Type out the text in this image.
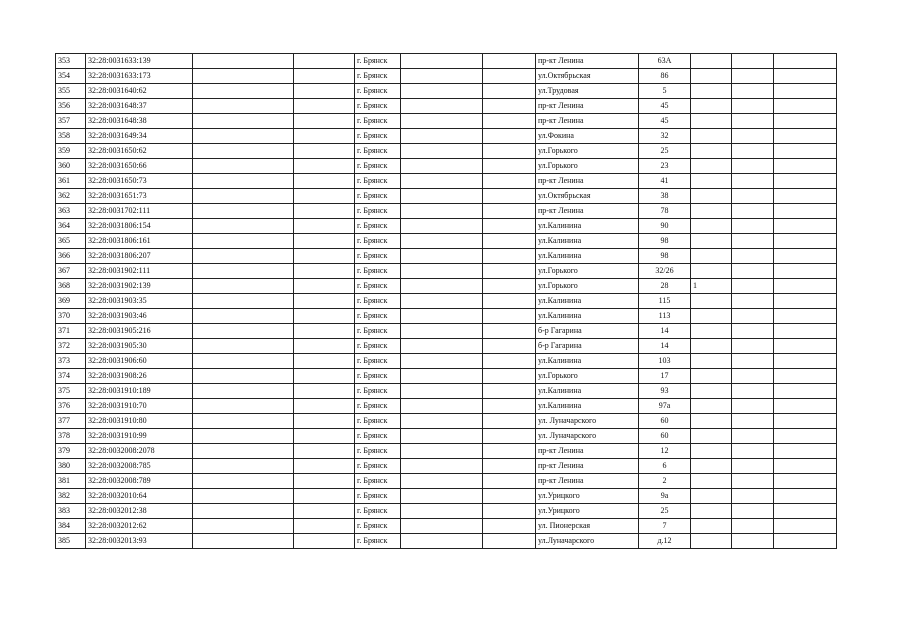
353	32:28:0031633:139			г. Брянск			пр-кт Ленина	63А			
354	32:28:0031633:173			г. Брянск			ул.Октябрьская	86			
355	32:28:0031640:62			г. Брянск			ул.Трудовая	5			
356	32:28:0031648:37			г. Брянск			пр-кт Ленина	45			
357	32:28:0031648:38			г. Брянск			пр-кт Ленина	45			
358	32:28:0031649:34			г. Брянск			ул.Фокина	32			
359	32:28:0031650:62			г. Брянск			ул.Горького	25			
360	32:28:0031650:66			г. Брянск			ул.Горького	23			
361	32:28:0031650:73			г. Брянск			пр-кт Ленина	41			
362	32:28:0031651:73			г. Брянск			ул.Октябрьская	38			
363	32:28:0031702:111			г. Брянск			пр-кт Ленина	78			
364	32:28:0031806:154			г. Брянск			ул.Калинина	90			
365	32:28:0031806:161			г. Брянск			ул.Калинина	98			
366	32:28:0031806:207			г. Брянск			ул.Калинина	98			
367	32:28:0031902:111			г. Брянск			ул.Горького	32/26			
368	32:28:0031902:139			г. Брянск			ул.Горького	28	1		
369	32:28:0031903:35			г. Брянск			ул.Калинина	115			
370	32:28:0031903:46			г. Брянск			ул.Калинина	113			
371	32:28:0031905:216			г. Брянск			б-р Гагарина	14			
372	32:28:0031905:30			г. Брянск			б-р Гагарина	14			
373	32:28:0031906:60			г. Брянск			ул.Калинина	103			
374	32:28:0031908:26			г. Брянск			ул.Горького	17			
375	32:28:0031910:189			г. Брянск			ул.Калинина	93			
376	32:28:0031910:70			г. Брянск			ул.Калинина	97а			
377	32:28:0031910:80			г. Брянск			ул. Луначарского	60			
378	32:28:0031910:99			г. Брянск			ул. Луначарского	60			
379	32:28:0032008:2078			г. Брянск			пр-кт Ленина	12			
380	32:28:0032008:785			г. Брянск			пр-кт Ленина	6			
381	32:28:0032008:789			г. Брянск			пр-кт Ленина	2			
382	32:28:0032010:64			г. Брянск			ул.Урицкого	9а			
383	32:28:0032012:38			г. Брянск			ул.Урицкого	25			
384	32:28:0032012:62			г. Брянск			ул. Пионерская	7			
385	32:28:0032013:93			г. Брянск			ул.Луначарского	д.12			
